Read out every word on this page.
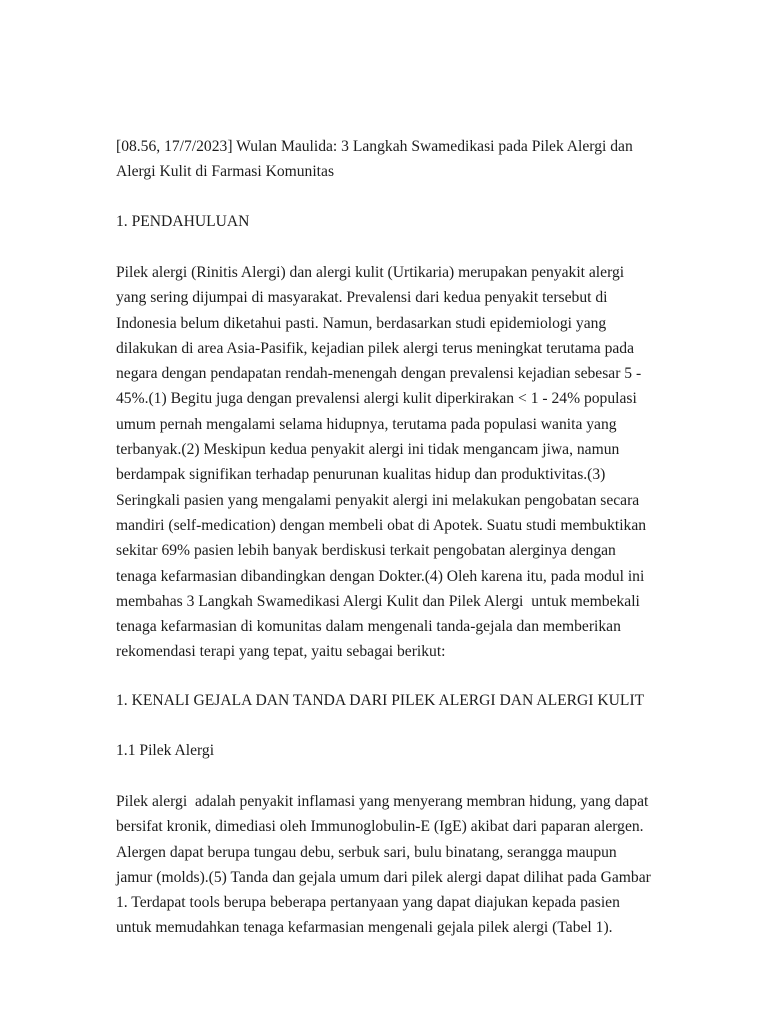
[08.56, 17/7/2023] Wulan Maulida: 3 Langkah Swamedikasi pada Pilek Alergi dan
Alergi Kulit di Farmasi Komunitas
1. PENDAHULUAN
Pilek alergi (Rinitis Alergi) dan alergi kulit (Urtikaria) merupakan penyakit alergi
yang sering dijumpai di masyarakat. Prevalensi dari kedua penyakit tersebut di
Indonesia belum diketahui pasti. Namun, berdasarkan studi epidemiologi yang
dilakukan di area Asia-Pasifik, kejadian pilek alergi terus meningkat terutama pada
negara dengan pendapatan rendah-menengah dengan prevalensi kejadian sebesar 5 -
45%.(1) Begitu juga dengan prevalensi alergi kulit diperkirakan < 1 - 24% populasi
umum pernah mengalami selama hidupnya, terutama pada populasi wanita yang
terbanyak.(2) Meskipun kedua penyakit alergi ini tidak mengancam jiwa, namun
berdampak signifikan terhadap penurunan kualitas hidup dan produktivitas.(3)
Seringkali pasien yang mengalami penyakit alergi ini melakukan pengobatan secara
mandiri (self-medication) dengan membeli obat di Apotek. Suatu studi membuktikan
sekitar 69% pasien lebih banyak berdiskusi terkait pengobatan alerginya dengan
tenaga kefarmasian dibandingkan dengan Dokter.(4) Oleh karena itu, pada modul ini
membahas 3 Langkah Swamedikasi Alergi Kulit dan Pilek Alergi  untuk membekali
tenaga kefarmasian di komunitas dalam mengenali tanda-gejala dan memberikan
rekomendasi terapi yang tepat, yaitu sebagai berikut:
1. KENALI GEJALA DAN TANDA DARI PILEK ALERGI DAN ALERGI KULIT
1.1 Pilek Alergi
Pilek alergi  adalah penyakit inflamasi yang menyerang membran hidung, yang dapat
bersifat kronik, dimediasi oleh Immunoglobulin-E (IgE) akibat dari paparan alergen.
Alergen dapat berupa tungau debu, serbuk sari, bulu binatang, serangga maupun
jamur (molds).(5) Tanda dan gejala umum dari pilek alergi dapat dilihat pada Gambar
1. Terdapat tools berupa beberapa pertanyaan yang dapat diajukan kepada pasien
untuk memudahkan tenaga kefarmasian mengenali gejala pilek alergi (Tabel 1).
